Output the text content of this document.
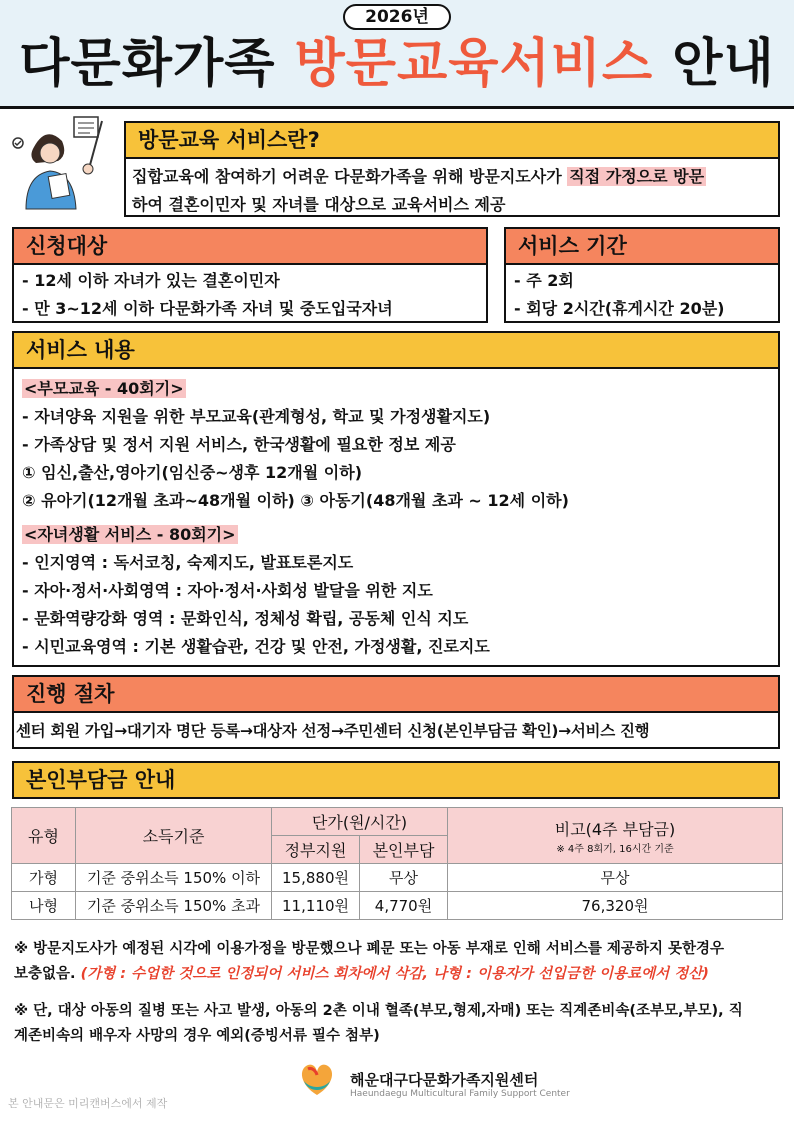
2026년
다문화가족 방문교육서비스 안내
방문교육 서비스란?
집합교육에 참여하기 어려운 다문화가족을 위해 방문지도사가 직접 가정으로 방문
하여 결혼이민자 및 자녀를 대상으로 교육서비스 제공
신청대상
- 12세 이하 자녀가 있는 결혼이민자
- 만 3~12세 이하 다문화가족 자녀 및 중도입국자녀
서비스 기간
- 주 2회
- 회당 2시간(휴게시간 20분)
서비스 내용
<부모교육 - 40회기>
- 자녀양육 지원을 위한 부모교육(관계형성, 학교 및 가정생활지도)
- 가족상담 및 정서 지원 서비스, 한국생활에 필요한 정보 제공
① 임신,출산,영아기(임신중~생후 12개월 이하)
② 유아기(12개월 초과~48개월 이하) ③ 아동기(48개월 초과 ~ 12세 이하)
<자녀생활 서비스 - 80회기>
- 인지영역 : 독서코칭, 숙제지도, 발표토론지도
- 자아·정서·사회영역 : 자아·정서·사회성 발달을 위한 지도
- 문화역량강화 영역 : 문화인식, 정체성 확립, 공동체 인식 지도
- 시민교육영역 : 기본 생활습관, 건강 및 안전, 가정생활, 진로지도
진행 절차
센터 회원 가입→대기자 명단 등록→대상자 선정→주민센터 신청(본인부담금 확인)→서비스 진행
본인부담금 안내
유형	소득기준	단가(원/시간)		비고(4주 부담금)
※ 4주 8회기, 16시간 기준

		정부지원	본인부담	
가형	기준 중위소득 150% 이하	15,880원	무상	무상
나형	기준 중위소득 150% 초과	11,110원	4,770원	76,320원
※ 방문지도사가 예정된 시각에 이용가정을 방문했으나 폐문 또는 아동 부재로 인해 서비스를 제공하지 못한경우
보충없음. (가형 : 수업한 것으로 인정되어 서비스 회차에서 삭감, 나형 : 이용자가 선입금한 이용료에서 정산)
※ 단, 대상 아동의 질병 또는 사고 발생, 아동의 2촌 이내 혈족(부모,형제,자매) 또는 직계존비속(조부모,부모), 직
계존비속의 배우자 사망의 경우 예외(증빙서류 필수 첨부)
해운대구다문화가족지원센터
Haeundaegu Multicultural Family Support Center
본 안내문은 미리캔버스에서 제작
